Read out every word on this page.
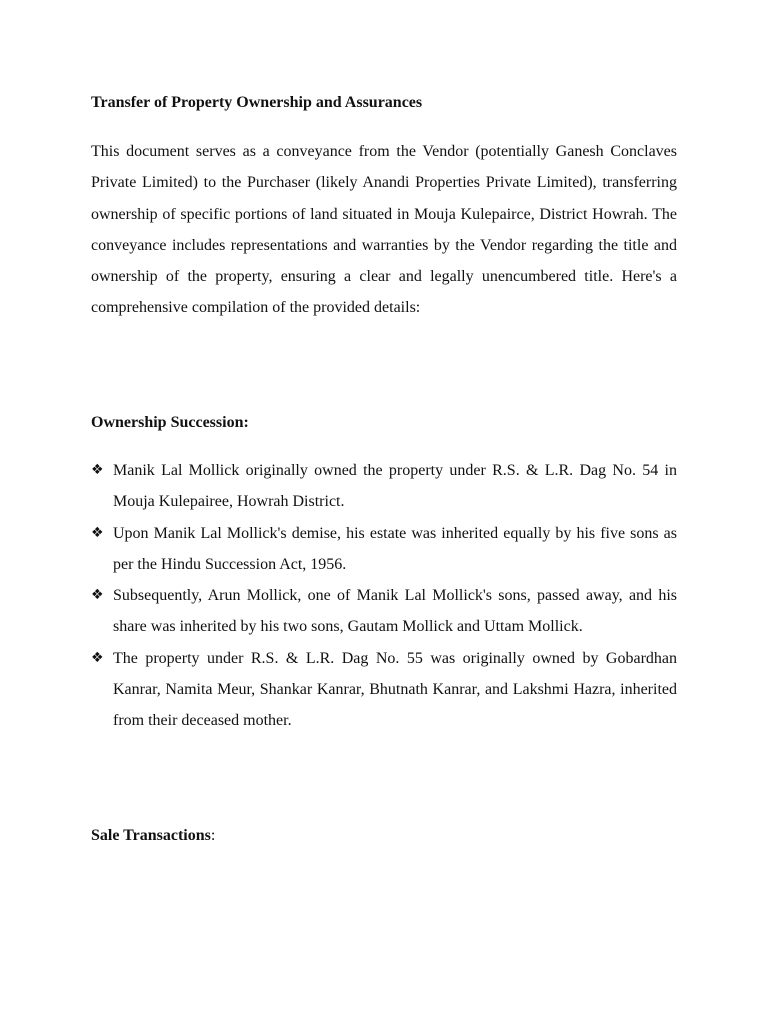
Transfer of Property Ownership and Assurances

This document serves as a conveyance from the Vendor (potentially Ganesh Conclaves Private Limited) to the Purchaser (likely Anandi Properties Private Limited), transferring ownership of specific portions of land situated in Mouja Kulepairce, District Howrah. The conveyance includes representations and warranties by the Vendor regarding the title and ownership of the property, ensuring a clear and legally unencumbered title. Here's a comprehensive compilation of the provided details:

Ownership Succession:
❖ Manik Lal Mollick originally owned the property under R.S. & L.R. Dag No. 54 in Mouja Kulepairee, Howrah District.
❖ Upon Manik Lal Mollick's demise, his estate was inherited equally by his five sons as per the Hindu Succession Act, 1956.
❖ Subsequently, Arun Mollick, one of Manik Lal Mollick's sons, passed away, and his share was inherited by his two sons, Gautam Mollick and Uttam Mollick.
❖ The property under R.S. & L.R. Dag No. 55 was originally owned by Gobardhan Kanrar, Namita Meur, Shankar Kanrar, Bhutnath Kanrar, and Lakshmi Hazra, inherited from their deceased mother.
Sale Transactions:
